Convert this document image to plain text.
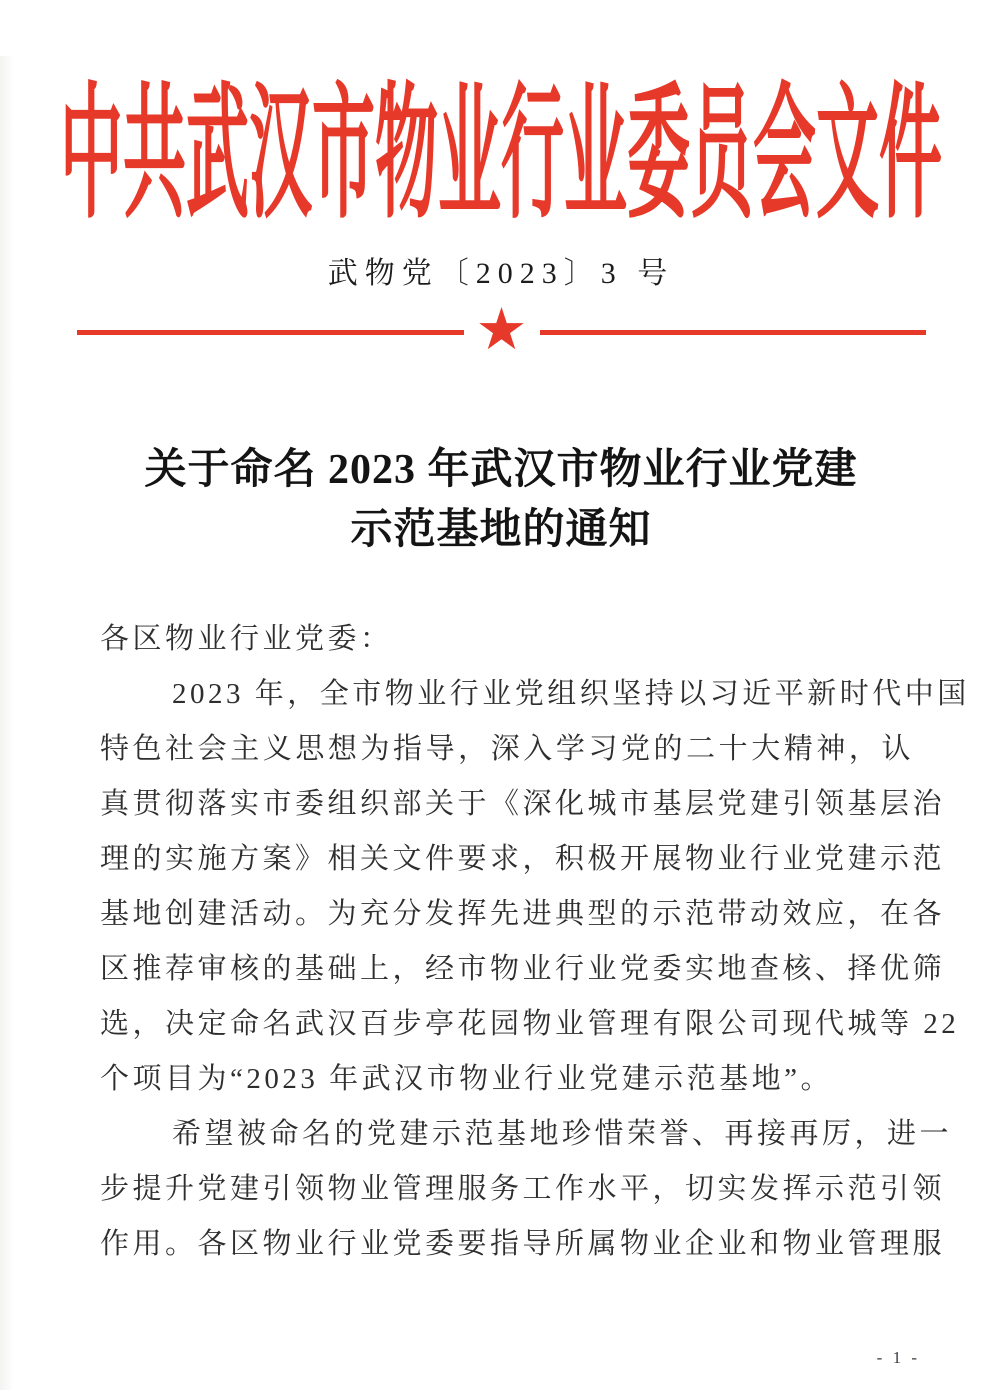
中共武汉市物业行业委员会文件
武物党〔2023〕3 号
★
关于命名 2023 年武汉市物业行业党建
示范基地的通知
各区物业行业党委：
2023 年，全市物业行业党组织坚持以习近平新时代中国
特色社会主义思想为指导，深入学习党的二十大精神，认
真贯彻落实市委组织部关于《深化城市基层党建引领基层治
理的实施方案》相关文件要求，积极开展物业行业党建示范
基地创建活动。为充分发挥先进典型的示范带动效应，在各
区推荐审核的基础上，经市物业行业党委实地查核、择优筛
选，决定命名武汉百步亭花园物业管理有限公司现代城等 22
个项目为“2023 年武汉市物业行业党建示范基地”。
希望被命名的党建示范基地珍惜荣誉、再接再厉，进一
步提升党建引领物业管理服务工作水平，切实发挥示范引领
作用。各区物业行业党委要指导所属物业企业和物业管理服
- 1 -
